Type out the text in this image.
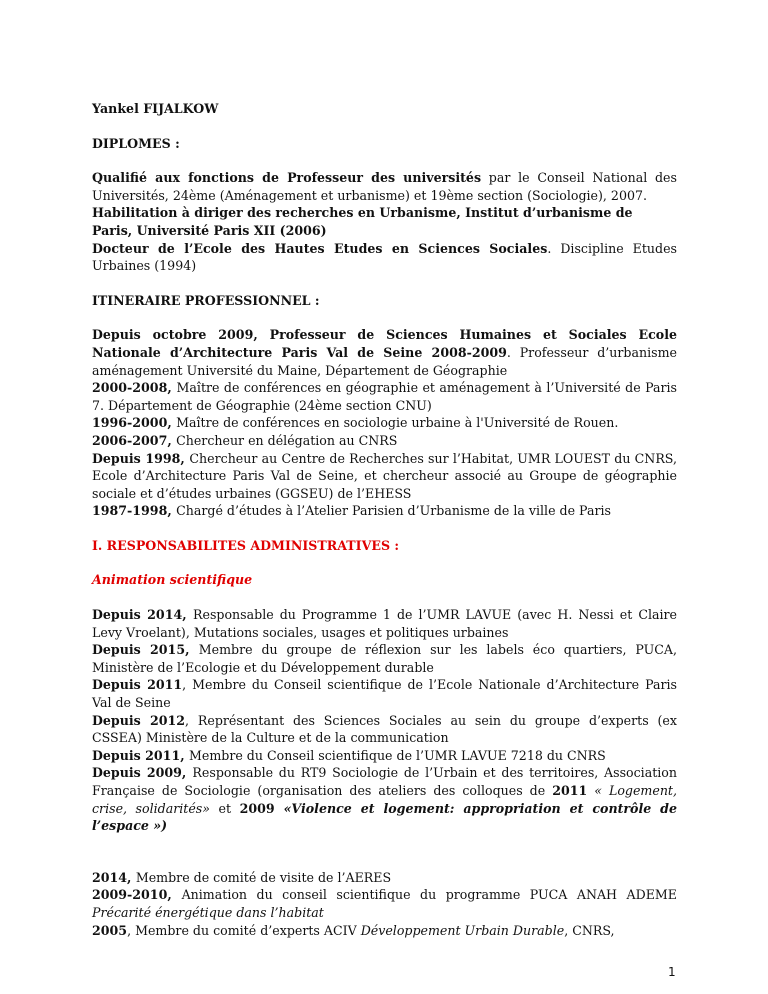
Yankel FIJALKOW

DIPLOMES :

Qualifié aux fonctions de Professeur des universités par le Conseil National des Universités, 24ème (Aménagement et urbanisme) et 19ème section (Sociologie), 2007.

Habilitation à diriger des recherches en Urbanisme, Institut d’urbanisme de Paris, Université Paris XII (2006)

Docteur de l’Ecole des Hautes Etudes en Sciences Sociales. Discipline Etudes Urbaines (1994)

ITINERAIRE PROFESSIONNEL :

Depuis octobre 2009, Professeur de Sciences Humaines et Sociales Ecole Nationale d’Architecture Paris Val de Seine 2008-2009. Professeur d’urbanisme aménagement Université du Maine, Département de Géographie

2000-2008, Maître de conférences en géographie et aménagement à l’Université de Paris 7. Département de Géographie (24ème section CNU)

1996-2000, Maître de conférences en sociologie urbaine à l'Université de Rouen.

2006-2007, Chercheur en délégation au CNRS

Depuis 1998, Chercheur au Centre de Recherches sur l’Habitat, UMR LOUEST du CNRS, Ecole d’Architecture Paris Val de Seine, et chercheur associé au Groupe de géographie sociale et d’études urbaines (GGSEU) de l’EHESS

1987-1998, Chargé d’études à l’Atelier Parisien d’Urbanisme de la ville de Paris

I. RESPONSABILITES ADMINISTRATIVES :

Animation scientifique

Depuis 2014, Responsable du Programme 1 de l’UMR LAVUE (avec H. Nessi et Claire Levy Vroelant), Mutations sociales, usages et politiques urbaines

Depuis 2015, Membre du groupe de réflexion sur les labels éco quartiers, PUCA, Ministère de l’Ecologie et du Développement durable

Depuis 2011, Membre du Conseil scientifique de l’Ecole Nationale d’Architecture Paris Val de Seine

Depuis 2012, Représentant des Sciences Sociales au sein du groupe d’experts (ex CSSEA) Ministère de la Culture et de la communication

Depuis 2011, Membre du Conseil scientifique de l’UMR LAVUE 7218 du CNRS

Depuis 2009, Responsable du RT9 Sociologie de l’Urbain et des territoires, Association Française de Sociologie (organisation des ateliers des colloques de 2011 « Logement, crise, solidarités» et 2009 «Violence et logement: appropriation et contrôle de l’espace »)

2014, Membre de comité de visite de l’AERES

2009-2010, Animation du conseil scientifique du programme PUCA ANAH ADEME Précarité énergétique dans l’habitat

2005, Membre du comité d’experts ACIV Développement Urbain Durable, CNRS,

1
